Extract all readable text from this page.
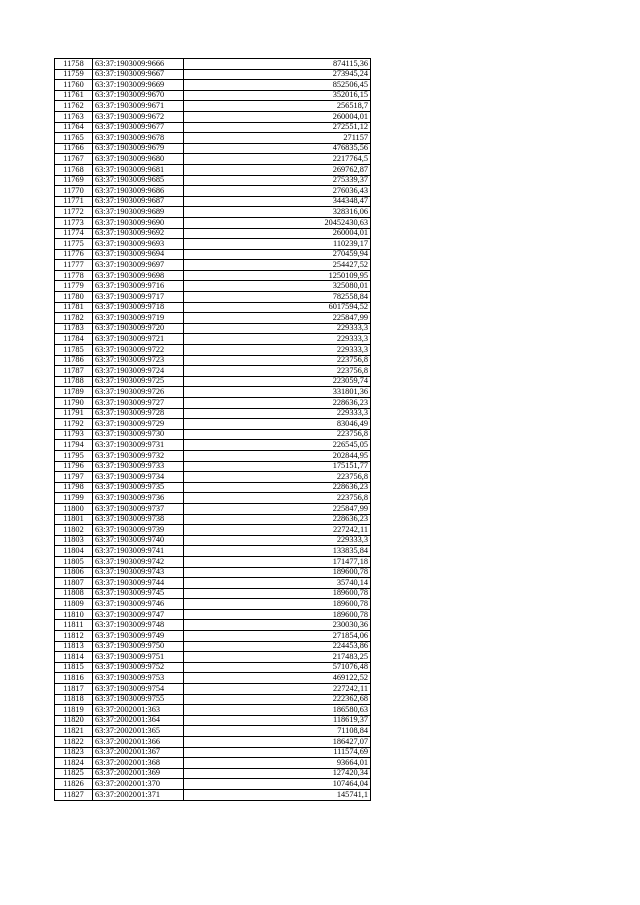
11758	63:37:1903009:9666	874115,36
11759	63:37:1903009:9667	273945,24
11760	63:37:1903009:9669	852506,45
11761	63:37:1903009:9670	352016,15
11762	63:37:1903009:9671	256518,7
11763	63:37:1903009:9672	260004,01
11764	63:37:1903009:9677	272551,12
11765	63:37:1903009:9678	271157
11766	63:37:1903009:9679	476835,56
11767	63:37:1903009:9680	2217764,5
11768	63:37:1903009:9681	269762,87
11769	63:37:1903009:9685	275339,37
11770	63:37:1903009:9686	276036,43
11771	63:37:1903009:9687	344348,47
11772	63:37:1903009:9689	328316,06
11773	63:37:1903009:9690	20452430,63
11774	63:37:1903009:9692	260004,01
11775	63:37:1903009:9693	110239,17
11776	63:37:1903009:9694	270459,94
11777	63:37:1903009:9697	254427,52
11778	63:37:1903009:9698	1250109,95
11779	63:37:1903009:9716	325080,01
11780	63:37:1903009:9717	782558,84
11781	63:37:1903009:9718	6017594,52
11782	63:37:1903009:9719	225847,99
11783	63:37:1903009:9720	229333,3
11784	63:37:1903009:9721	229333,3
11785	63:37:1903009:9722	229333,3
11786	63:37:1903009:9723	223756,8
11787	63:37:1903009:9724	223756,8
11788	63:37:1903009:9725	223059,74
11789	63:37:1903009:9726	331801,36
11790	63:37:1903009:9727	228636,23
11791	63:37:1903009:9728	229333,3
11792	63:37:1903009:9729	83046,49
11793	63:37:1903009:9730	223756,8
11794	63:37:1903009:9731	226545,05
11795	63:37:1903009:9732	202844,95
11796	63:37:1903009:9733	175151,77
11797	63:37:1903009:9734	223756,8
11798	63:37:1903009:9735	228636,23
11799	63:37:1903009:9736	223756,8
11800	63:37:1903009:9737	225847,99
11801	63:37:1903009:9738	228636,23
11802	63:37:1903009:9739	227242,11
11803	63:37:1903009:9740	229333,3
11804	63:37:1903009:9741	133835,84
11805	63:37:1903009:9742	171477,18
11806	63:37:1903009:9743	189600,78
11807	63:37:1903009:9744	35740,14
11808	63:37:1903009:9745	189600,78
11809	63:37:1903009:9746	189600,78
11810	63:37:1903009:9747	189600,78
11811	63:37:1903009:9748	230030,36
11812	63:37:1903009:9749	271854,06
11813	63:37:1903009:9750	224453,86
11814	63:37:1903009:9751	217483,25
11815	63:37:1903009:9752	571076,48
11816	63:37:1903009:9753	469122,52
11817	63:37:1903009:9754	227242,11
11818	63:37:1903009:9755	222362,68
11819	63:37:2002001:363	186580,63
11820	63:37:2002001:364	118619,37
11821	63:37:2002001:365	71108,84
11822	63:37:2002001:366	186427,07
11823	63:37:2002001:367	111574,69
11824	63:37:2002001:368	93664,01
11825	63:37:2002001:369	127420,34
11826	63:37:2002001:370	107464,04
11827	63:37:2002001:371	145741,1
